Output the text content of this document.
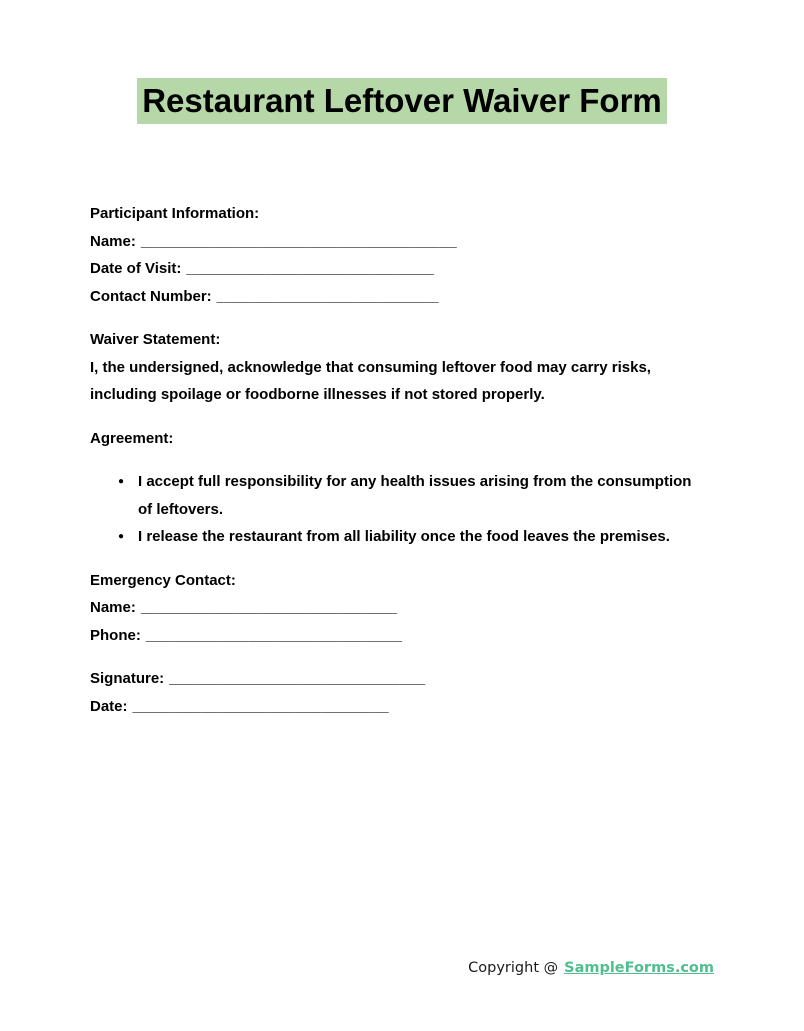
Restaurant Leftover Waiver Form
Participant Information:
Name: _____________________________________
Date of Visit: _____________________________
Contact Number: __________________________
Waiver Statement:
I, the undersigned, acknowledge that consuming leftover food may carry risks, including spoilage or foodborne illnesses if not stored properly.
Agreement:
● I accept full responsibility for any health issues arising from the consumption of leftovers.
● I release the restaurant from all liability once the food leaves the premises.
Emergency Contact:
Name: ______________________________
Phone: ______________________________
Signature: ______________________________
Date: ______________________________
Copyright @ SampleForms.com
